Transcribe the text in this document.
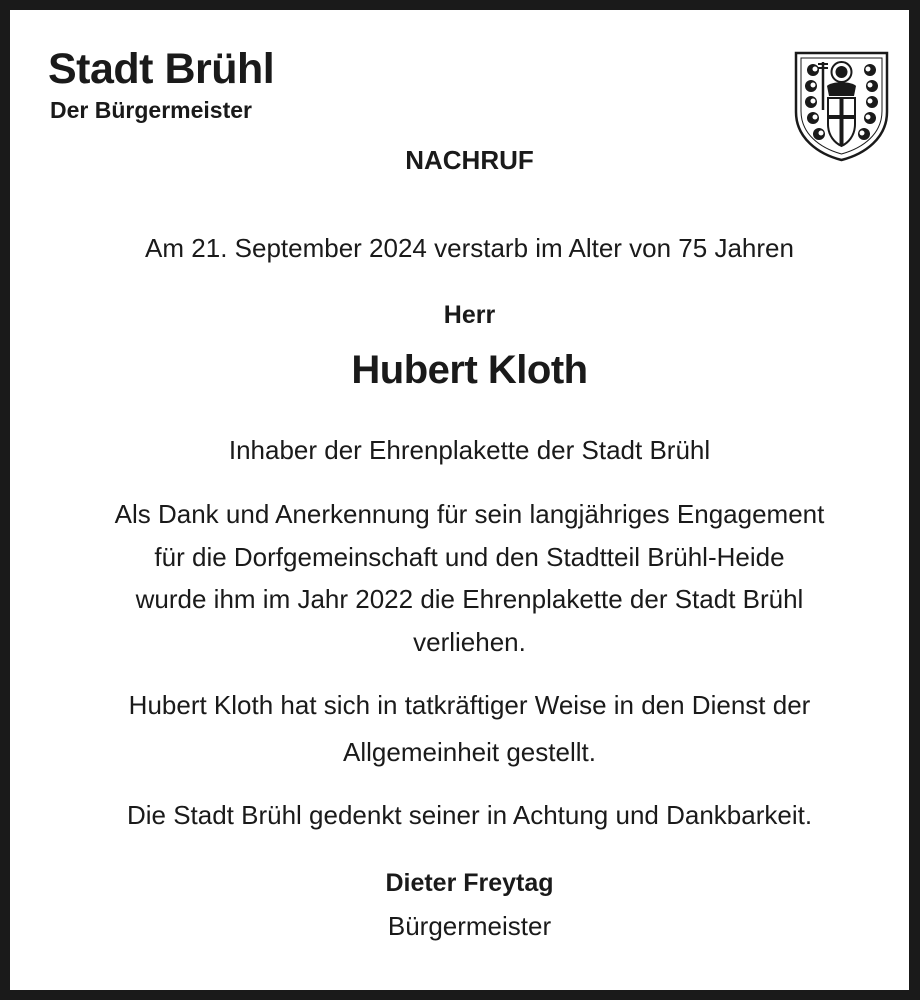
Stadt Brühl
Der Bürgermeister
NACHRUF
Am 21. September 2024 verstarb im Alter von 75 Jahren
Herr
Hubert Kloth
Inhaber der Ehrenplakette der Stadt Brühl
Als Dank und Anerkennung für sein langjähriges Engagement
für die Dorfgemeinschaft und den Stadtteil Brühl-Heide
wurde ihm im Jahr 2022 die Ehrenplakette der Stadt Brühl
verliehen.
Hubert Kloth hat sich in tatkräftiger Weise in den Dienst der
Allgemeinheit gestellt.
Die Stadt Brühl gedenkt seiner in Achtung und Dankbarkeit.
Dieter Freytag
Bürgermeister
